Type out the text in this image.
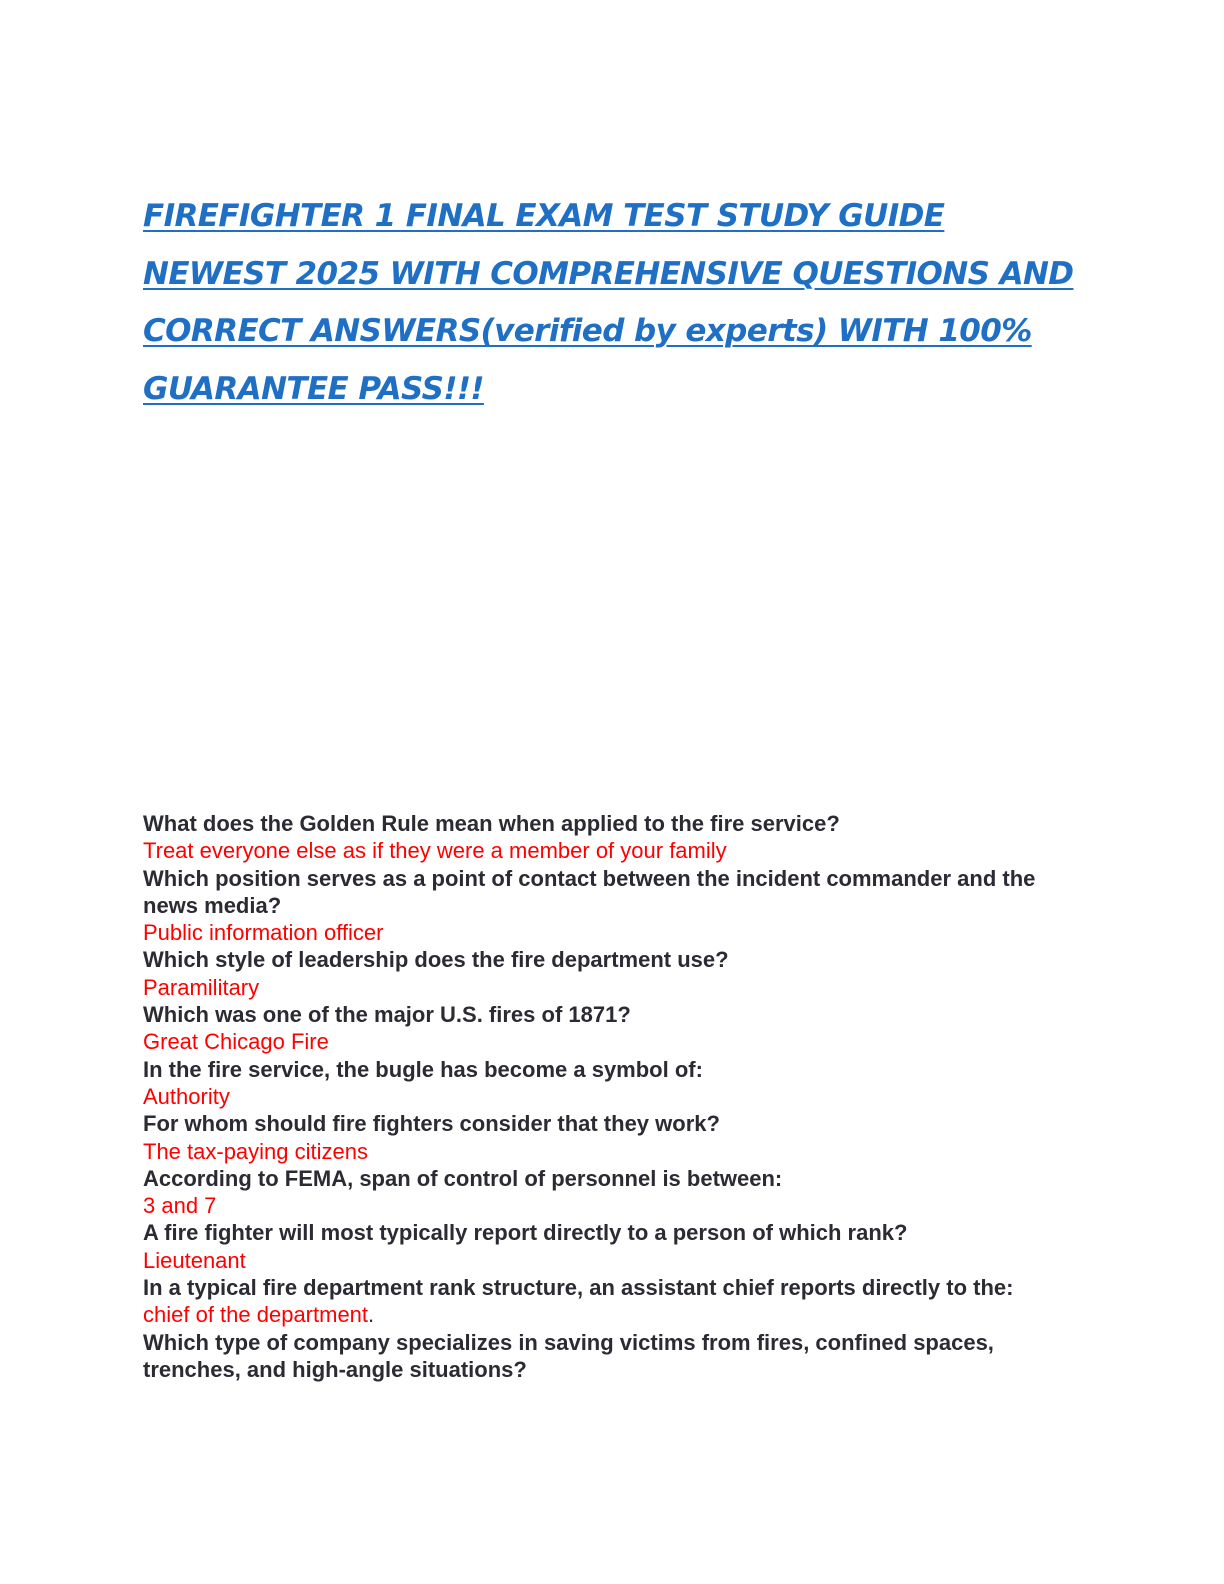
FIREFIGHTER 1 FINAL EXAM TEST STUDY GUIDE NEWEST 2025 WITH COMPREHENSIVE QUESTIONS AND CORRECT ANSWERS(verified by experts) WITH 100% GUARANTEE PASS!!!
What does the Golden Rule mean when applied to the fire service?
Treat everyone else as if they were a member of your family
Which position serves as a point of contact between the incident commander and the news media?
Public information officer
Which style of leadership does the fire department use?
Paramilitary
Which was one of the major U.S. fires of 1871?
Great Chicago Fire
In the fire service, the bugle has become a symbol of:
Authority
For whom should fire fighters consider that they work?
The tax-paying citizens
According to FEMA, span of control of personnel is between:
3 and 7
A fire fighter will most typically report directly to a person of which rank?
Lieutenant
In a typical fire department rank structure, an assistant chief reports directly to the:
chief of the department.
Which type of company specializes in saving victims from fires, confined spaces, trenches, and high-angle situations?
